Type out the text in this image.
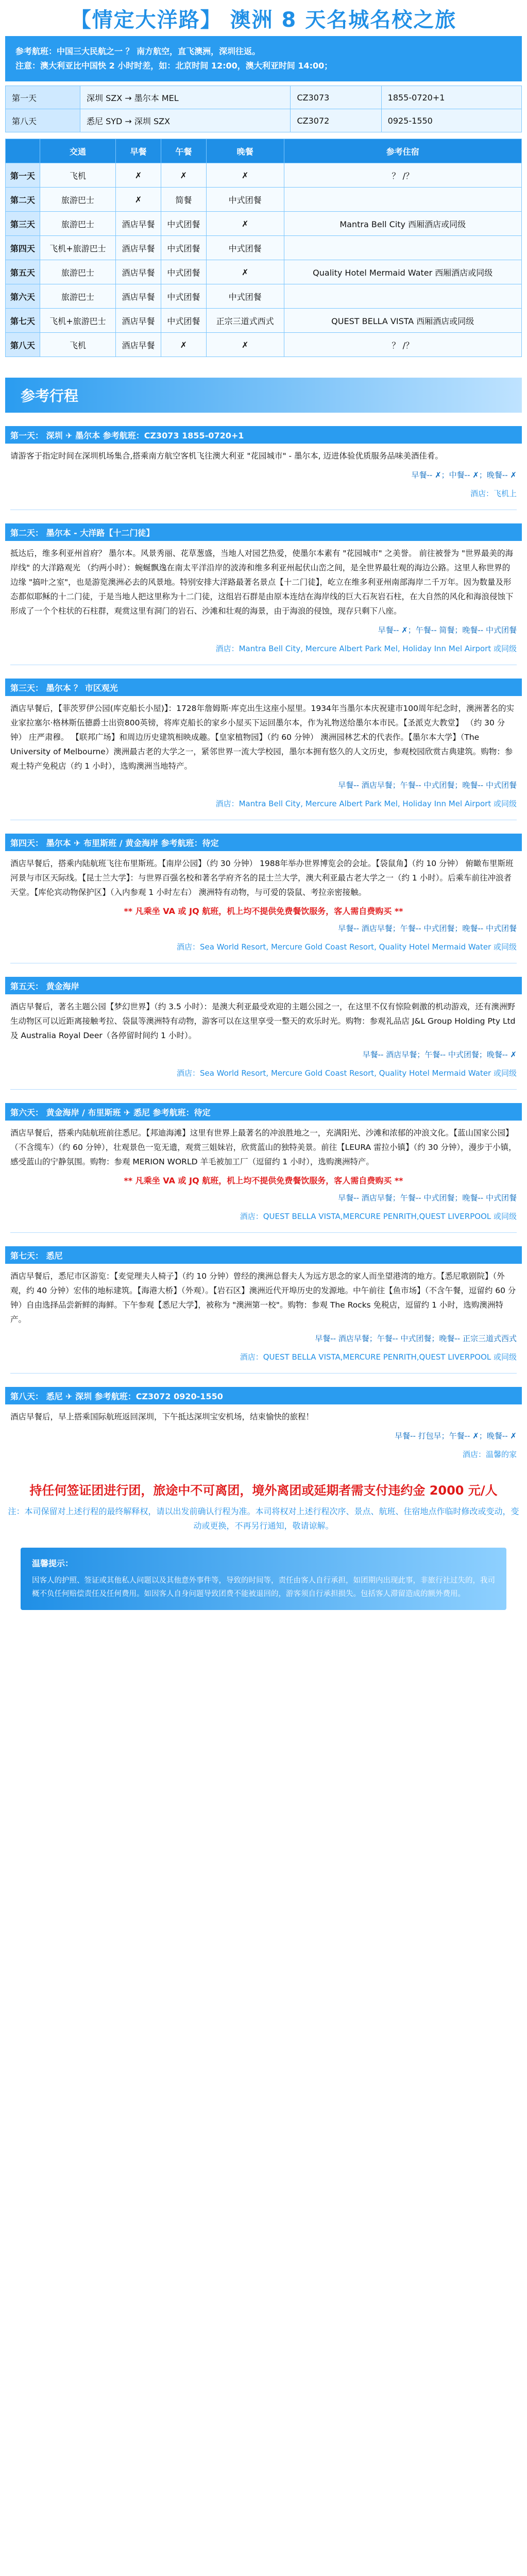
【情定大洋路】 澳洲 8 天名城名校之旅
参考航班：中国三大民航之一 ？ 南方航空，直飞澳洲，深圳往返。
注意：澳大利亚比中国快 2 小时时差，如：北京时间 12:00，澳大利亚时间 14:00；
第一天	深圳 SZX → 墨尔本 MEL	CZ3073	1855-0720+1
第八天	悉尼 SYD → 深圳 SZX	CZ3072	0925-1550
	交通	早餐	午餐	晚餐	参考住宿
第一天	飞机	✗	✗	✗	？ /？
第二天	旅游巴士	✗	简餐	中式团餐	
第三天	旅游巴士	酒店早餐	中式团餐	✗	Mantra Bell City 西厢酒店或同级
第四天	飞机+旅游巴士	酒店早餐	中式团餐	中式团餐	
第五天	旅游巴士	酒店早餐	中式团餐	✗	Quality Hotel Mermaid Water 西厢酒店或同级
第六天	旅游巴士	酒店早餐	中式团餐	中式团餐	
第七天	飞机+旅游巴士	酒店早餐	中式团餐	正宗三道式西式	QUEST BELLA VISTA 西厢酒店或同级
第八天	飞机	酒店早餐	✗	✗	？ /？
参考行程
第一天： 深圳 ✈ 墨尔本 参考航班：CZ3073 1855-0720+1
请游客于指定时间在深圳机场集合,搭乘南方航空客机飞往澳大利亚 "花园城市" - 墨尔本, 迈进体验优质服务品味美酒佳肴。
早餐-- ✗；中餐-- ✗；晚餐-- ✗
酒店：飞机上
第二天： 墨尔本 - 大洋路【十二门徒】
抵达后，维多利亚州首府？ 墨尔本。风景秀丽、花草葱盛，当地人对园艺热爱，使墨尔本素有 "花园城市" 之美誉。 前往被誉为 "世界最美的海岸线" 的大洋路观光 （约两小时）：蜿蜒飘逸在南太平洋沿岸的波涛和维多利亚州起伏山峦之间，是全世界最壮观的海边公路。这里人称世界的边缘 "搞叶之室"，也是游览澳洲必去的风景地。特别安排大洋路最著名景点【十二门徒】，屹立在维多利亚州南部海岸二千万年。因为数量及形态都似耶稣的十二门徒，于是当地人把这里称为十二门徒，这组岩石群是由原本连结在海岸线的巨大石灰岩石柱，在大自然的风化和海浪侵蚀下形成了一个个柱状的石柱群，观赏这里有洞门的岩石、沙滩和壮观的海景，由于海浪的侵蚀，现存只剩下八座。
早餐-- ✗；午餐-- 简餐；晚餐-- 中式团餐
酒店：Mantra Bell City, Mercure Albert Park Mel, Holiday Inn Mel Airport 或同级
第三天： 墨尔本 ？ 市区观光
酒店早餐后，【菲茨罗伊公园(库克船长小屋)】：1728年詹姆斯·库克出生这座小屋里。1934年当墨尔本庆祝建市100周年纪念时，澳洲著名的实业家拉塞尔·格林斯伍德爵士出资800英镑，将库克船长的家乡小屋买下运回墨尔本，作为礼物送给墨尔本市民。【圣派克大教堂】 （约 30 分钟） 庄严肃穆。 【联邦广场】和周边历史建筑相映成趣。【皇家植物园】（约 60 分钟） 澳洲园林艺术的代表作。【墨尔本大学】（The University of Melbourne）澳洲最古老的大学之一，紧邻世界一流大学校园，墨尔本拥有悠久的人文历史，参观校园欣赏古典建筑。购物：参观土特产免税店（约 1 小时），选购澳洲当地特产。
早餐-- 酒店早餐；午餐-- 中式团餐；晚餐-- 中式团餐
酒店：Mantra Bell City, Mercure Albert Park Mel, Holiday Inn Mel Airport 或同级
第四天： 墨尔本 ✈ 布里斯班 / 黄金海岸 参考航班：待定
酒店早餐后，搭乘内陆航班飞往布里斯班。【南岸公园】（约 30 分钟） 1988年举办世界博览会的会址。【袋鼠角】（约 10 分钟） 俯瞰布里斯班河景与市区天际线。【昆士兰大学】：与世界百强名校和著名学府齐名的昆士兰大学，澳大利亚最古老大学之一（约 1 小时）。后乘车前往冲浪者天堂。【库伦宾动物保护区】（入内参观 1 小时左右） 澳洲特有动物，与可爱的袋鼠、考拉亲密接触。
** 凡乘坐 VA 或 JQ 航班，机上均不提供免费餐饮服务，客人需自费购买 **
早餐-- 酒店早餐；午餐-- 中式团餐；晚餐-- 中式团餐
酒店：Sea World Resort, Mercure Gold Coast Resort, Quality Hotel Mermaid Water 或同级
第五天： 黄金海岸
酒店早餐后，著名主题公园【梦幻世界】（约 3.5 小时）：是澳大利亚最受欢迎的主题公园之一，在这里不仅有惊险刺激的机动游戏，还有澳洲野生动物区可以近距离接触考拉、袋鼠等澳洲特有动物，游客可以在这里享受一整天的欢乐时光。购物：参观礼品店 J&L Group Holding Pty Ltd 及 Australia Royal Deer（各停留时间约 1 小时）。
早餐-- 酒店早餐；午餐-- 中式团餐；晚餐-- ✗
酒店：Sea World Resort, Mercure Gold Coast Resort, Quality Hotel Mermaid Water 或同级
第六天： 黄金海岸 / 布里斯班 ✈ 悉尼 参考航班：待定
酒店早餐后，搭乘内陆航班前往悉尼。【邦迪海滩】这里有世界上最著名的冲浪胜地之一，充满阳光、沙滩和浓郁的冲浪文化。【蓝山国家公园】（不含缆车）（约 60 分钟），壮观景色一览无遗，观赏三姐妹岩，欣赏蓝山的独特美景。前往【LEURA 雷拉小镇】（约 30 分钟），漫步于小镇，感受蓝山的宁静氛围。购物：参观 MERION WORLD 羊毛被加工厂（逗留约 1 小时），选购澳洲特产。
** 凡乘坐 VA 或 JQ 航班，机上均不提供免费餐饮服务，客人需自费购买 **
早餐-- 酒店早餐；午餐-- 中式团餐；晚餐-- 中式团餐
酒店：QUEST BELLA VISTA,MERCURE PENRITH,QUEST LIVERPOOL 或同级
第七天： 悉尼
酒店早餐后，悉尼市区游览：【麦觉理夫人椅子】（约 10 分钟）曾经的澳洲总督夫人为远方思念的家人而坐望港湾的地方。【悉尼歌剧院】（外观，约 40 分钟）宏伟的地标建筑。【海港大桥】（外观）。【岩石区】澳洲近代开埠历史的发源地。中午前往【鱼市场】（不含午餐，逗留约 60 分钟）自由选择品尝新鲜的海鲜。下午参观【悉尼大学】，被称为 "澳洲第一校"。购物：参观 The Rocks 免税店，逗留约 1 小时，选购澳洲特产。
早餐-- 酒店早餐；午餐-- 中式团餐；晚餐-- 正宗三道式西式
酒店：QUEST BELLA VISTA,MERCURE PENRITH,QUEST LIVERPOOL 或同级
第八天： 悉尼 ✈ 深圳 参考航班：CZ3072 0920-1550
酒店早餐后，早上搭乘国际航班返回深圳，下午抵达深圳宝安机场，结束愉快的旅程！
早餐-- 打包早；午餐-- ✗；晚餐-- ✗
酒店：温馨的家
持任何签证团进行团，旅途中不可离团，境外离团或延期者需支付违约金 2000 元/人
注：本司保留对上述行程的最终解释权，请以出发前确认行程为准。本司将权对上述行程次序、景点、航班、住宿地点作临时修改或变动，变动或更换，不再另行通知，敬请谅解。
温馨提示：
因客人的护照、签证或其他私人问题以及其他意外事件等，导致的时间等，责任由客人自行承担，如团期内出现此事，非旅行社过失的，我司概不负任何赔偿责任及任何费用。如因客人自身问题导致团费不能被退回的，游客须自行承担损失。包括客人滞留造成的额外费用。
